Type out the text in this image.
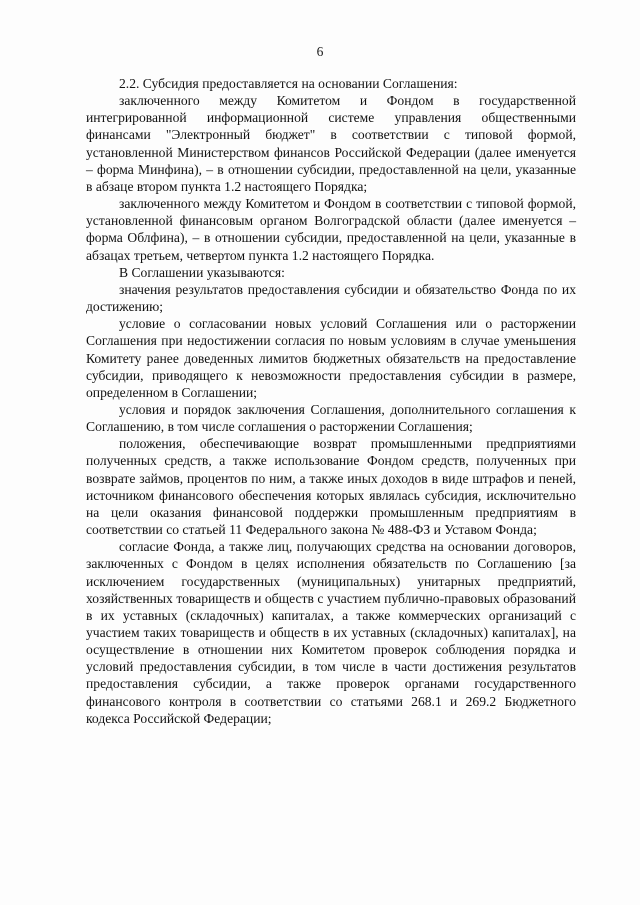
6

2.2. Субсидия предоставляется на основании Соглашения:

заключенного между Комитетом и Фондом в государственной интегрированной информационной системе управления общественными финансами "Электронный бюджет" в соответствии с типовой формой, установленной Министерством финансов Российской Федерации (далее именуется – форма Минфина), – в отношении субсидии, предоставленной на цели, указанные в абзаце втором пункта 1.2 настоящего Порядка;

заключенного между Комитетом и Фондом в соответствии с типовой формой, установленной финансовым органом Волгоградской области (далее именуется – форма Облфина), – в отношении субсидии, предоставленной на цели, указанные в абзацах третьем, четвертом пункта 1.2 настоящего Порядка.

В Соглашении указываются:

значения результатов предоставления субсидии и обязательство Фонда по их достижению;

условие о согласовании новых условий Соглашения или о расторжении Соглашения при недостижении согласия по новым условиям в случае уменьшения Комитету ранее доведенных лимитов бюджетных обязательств на предоставление субсидии, приводящего к невозможности предоставления субсидии в размере, определенном в Соглашении;

условия и порядок заключения Соглашения, дополнительного соглашения к Соглашению, в том числе соглашения о расторжении Соглашения;

положения, обеспечивающие возврат промышленными предприятиями полученных средств, а также использование Фондом средств, полученных при возврате займов, процентов по ним, а также иных доходов в виде штрафов и пеней, источником финансового обеспечения которых являлась субсидия, исключительно на цели оказания финансовой поддержки промышленным предприятиям в соответствии со статьей 11 Федерального закона № 488-ФЗ и Уставом Фонда;

согласие Фонда, а также лиц, получающих средства на основании договоров, заключенных с Фондом в целях исполнения обязательств по Соглашению [за исключением государственных (муниципальных) унитарных предприятий, хозяйственных товариществ и обществ с участием публично-правовых образований в их уставных (складочных) капиталах, а также коммерческих организаций с участием таких товариществ и обществ в их уставных (складочных) капиталах], на осуществление в отношении них Комитетом проверок соблюдения порядка и условий предоставления субсидии, в том числе в части достижения результатов предоставления субсидии, а также проверок органами государственного финансового контроля в соответствии со статьями 268.1 и 269.2 Бюджетного кодекса Российской Федерации;
